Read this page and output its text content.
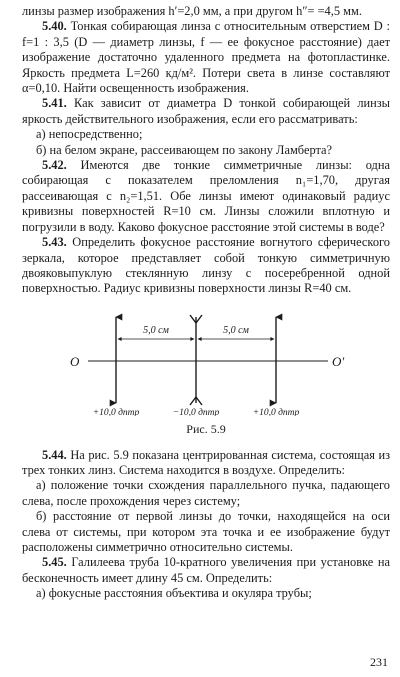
линзы размер изображения h′=2,0 мм, а при другом h″= =4,5 мм.

5.40. Тонкая собирающая линза с относительным отверстием D : f=1 : 3,5 (D — диаметр линзы, f — ее фокусное расстояние) дает изображение достаточно удаленного предмета на фотопластинке. Яркость предмета L=260 кд/м². Потери света в линзе составляют α=0,10. Найти освещенность изображения.

5.41. Как зависит от диаметра D тонкой собирающей линзы яркость действительного изображения, если его рассматривать:

а) непосредственно;

б) на белом экране, рассеивающем по закону Ламберта?

5.42. Имеются две тонкие симметричные линзы: одна собирающая с показателем преломления n₁=1,70, другая рассеивающая с n₂=1,51. Обе линзы имеют одинаковый радиус кривизны поверхностей R=10 см. Линзы сложили вплотную и погрузили в воду. Каково фокусное расстояние этой системы в воде?

5.43. Определить фокусное расстояние вогнутого сферического зеркала, которое представляет собой тонкую симметричную двояковыпуклую стеклянную линзу с посеребренной одной поверхностью. Радиус кривизны поверхности линзы R=40 см.

O	O′
5,0 см	5,0 см
+10,0 дптр	−10,0 дптр	+10,0 дптр
Рис. 5.9

5.44. На рис. 5.9 показана центрированная система, состоящая из трех тонких линз. Система находится в воздухе. Определить:

а) положение точки схождения параллельного пучка, падающего слева, после прохождения через систему;

б) расстояние от первой линзы до точки, находящейся на оси слева от системы, при котором эта точка и ее изображение будут расположены симметрично относительно системы.

5.45. Галилеева труба 10-кратного увеличения при установке на бесконечность имеет длину 45 см. Определить:

а) фокусные расстояния объектива и окуляра трубы;

231
